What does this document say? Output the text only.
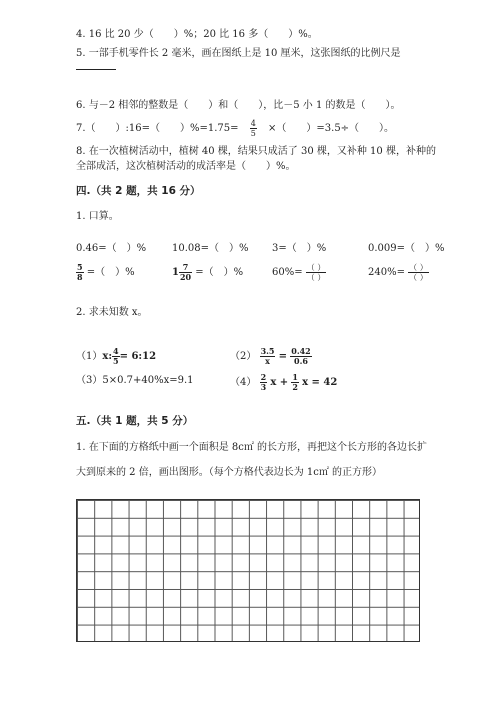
4. 16 比 20 少（　　）%；20 比 16 多（　　）%。
5. 一部手机零件长 2 毫米，画在图纸上是 10 厘米，这张图纸的比例尺是
6. 与－2 相邻的整数是（　　）和（　　），比－5 小 1 的数是（　　）。
7.（　　）:16=（　　）$\%=1.75= \frac{4}{5}$ ×（　　）=3.5÷（　　）。
8. 在一次植树活动中，植树 40 棵，结果只成活了 30 棵，又补种 10 棵，补种的
全部成活，这次植树活动的成活率是（　　）%。
四.（共 2 题，共 16 分）
1. 口算。
0.46=（　）%	10.08=（　）% 3=（　）%	0.009=（　）%
$\frac{5}{8}$ =（　）%	$1 \frac{7}{20}$ =（　）%	$60\%= \frac{( )}{( )}$	$240\%= \frac{( )}{( )}$
2. 求未知数 x。
（1）x: $\frac{4}{5}$ = 6:12	$(2) \frac{3.5}{x} = \frac{0.42}{0.6}$
（3）5×0.7+40%x=9.1	$(4) \frac{2}{3}$ $x + \frac{1}{2}$ x = 42
五.（共 1 题，共 5 分）
1. 在下面的方格纸中画一个面积是 8c㎡ 的长方形，再把这个长方形的各边长扩
大到原来的 2 倍，画出图形。（每个方格代表边长为 1c㎡ 的正方形）
